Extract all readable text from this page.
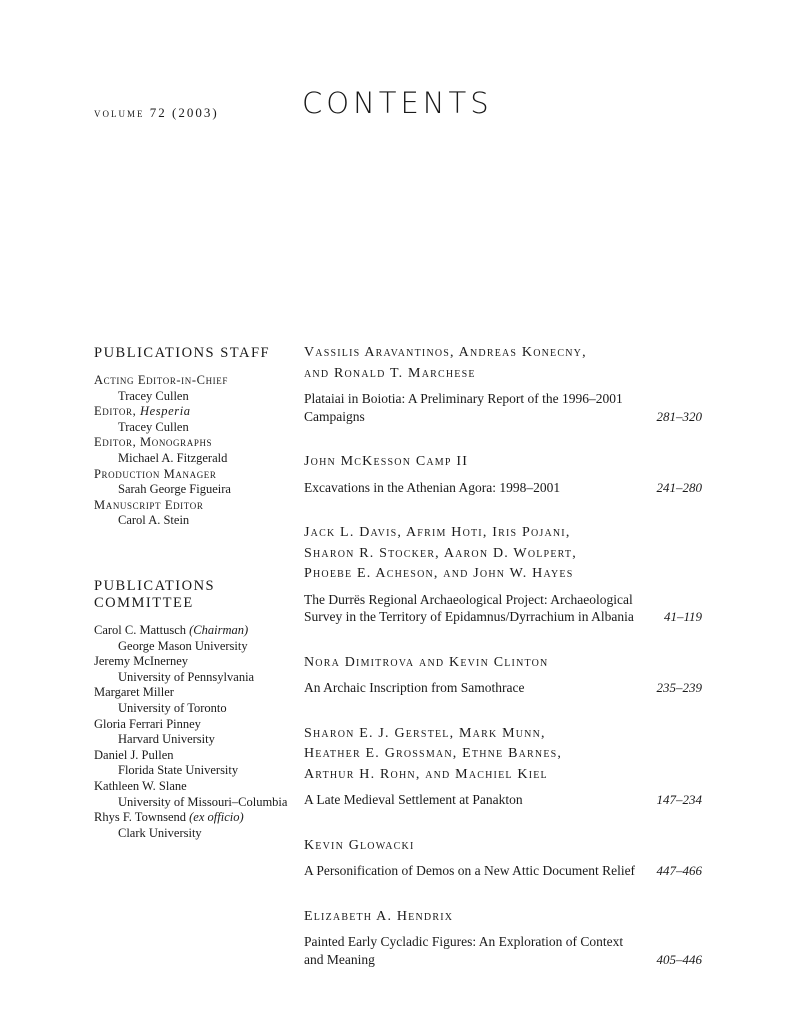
volume 72 (2003)	CONTENTS
PUBLICATIONS STAFF
Acting Editor-in-Chief
Tracey Cullen
Editor, Hesperia
Tracey Cullen
Editor, Monographs
Michael A. Fitzgerald
Production Manager
Sarah George Figueira
Manuscript Editor
Carol A. Stein
PUBLICATIONS COMMITTEE
Carol C. Mattusch (Chairman)
George Mason University
Jeremy McInerney
University of Pennsylvania
Margaret Miller
University of Toronto
Gloria Ferrari Pinney
Harvard University
Daniel J. Pullen
Florida State University
Kathleen W. Slane
University of Missouri–Columbia
Rhys F. Townsend (ex officio)
Clark University
Vassilis Aravantinos, Andreas Konecny,
and Ronald T. Marchese
Plataiai in Boiotia: A Preliminary Report of the 1996–2001 Campaigns	281–320
John McKesson Camp II
Excavations in the Athenian Agora: 1998–2001	241–280
Jack L. Davis, Afrim Hoti, Iris Pojani,
Sharon R. Stocker, Aaron D. Wolpert,
Phoebe E. Acheson, and John W. Hayes
The Durrës Regional Archaeological Project: Archaeological Survey in the Territory of Epidamnus/Dyrrachium in Albania	41–119
Nora Dimitrova and Kevin Clinton
An Archaic Inscription from Samothrace	235–239
Sharon E. J. Gerstel, Mark Munn,
Heather E. Grossman, Ethne Barnes,
Arthur H. Rohn, and Machiel Kiel
A Late Medieval Settlement at Panakton	147–234
Kevin Glowacki
A Personification of Demos on a New Attic Document Relief	447–466
Elizabeth A. Hendrix
Painted Early Cycladic Figures: An Exploration of Context and Meaning	405–446
